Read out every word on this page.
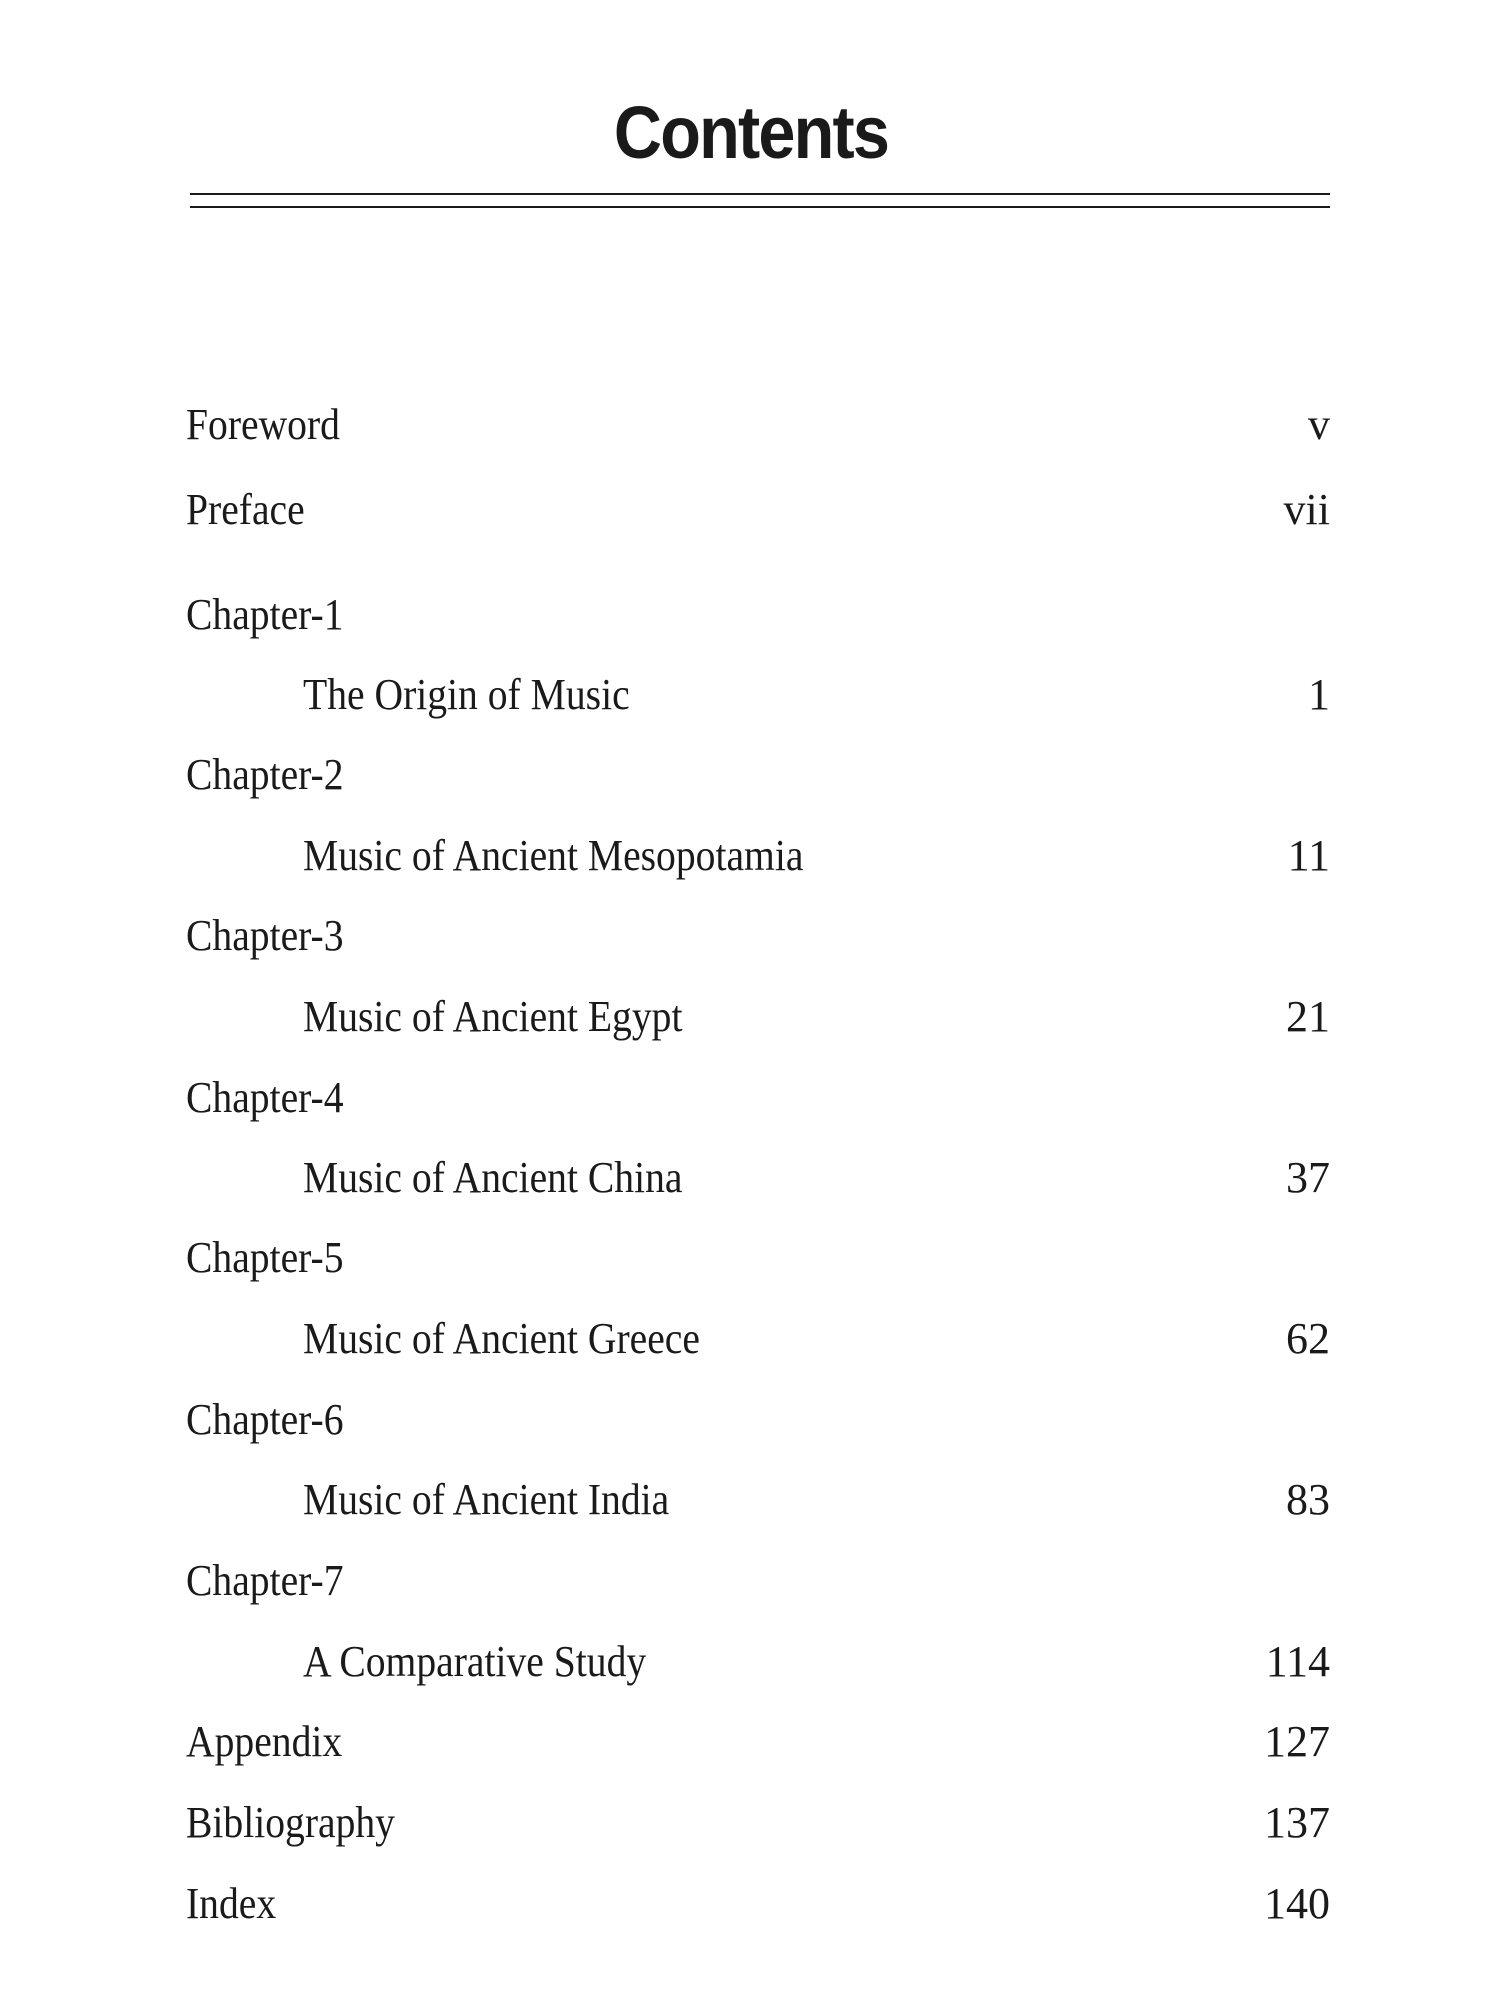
Contents
Foreword	v
Preface	vii
Chapter-1
The Origin of Music	1
Chapter-2
Music of Ancient Mesopotamia	11
Chapter-3
Music of Ancient Egypt	21
Chapter-4
Music of Ancient China	37
Chapter-5
Music of Ancient Greece	62
Chapter-6
Music of Ancient India	83
Chapter-7
A Comparative Study	114
Appendix	127
Bibliography	137
Index	140
